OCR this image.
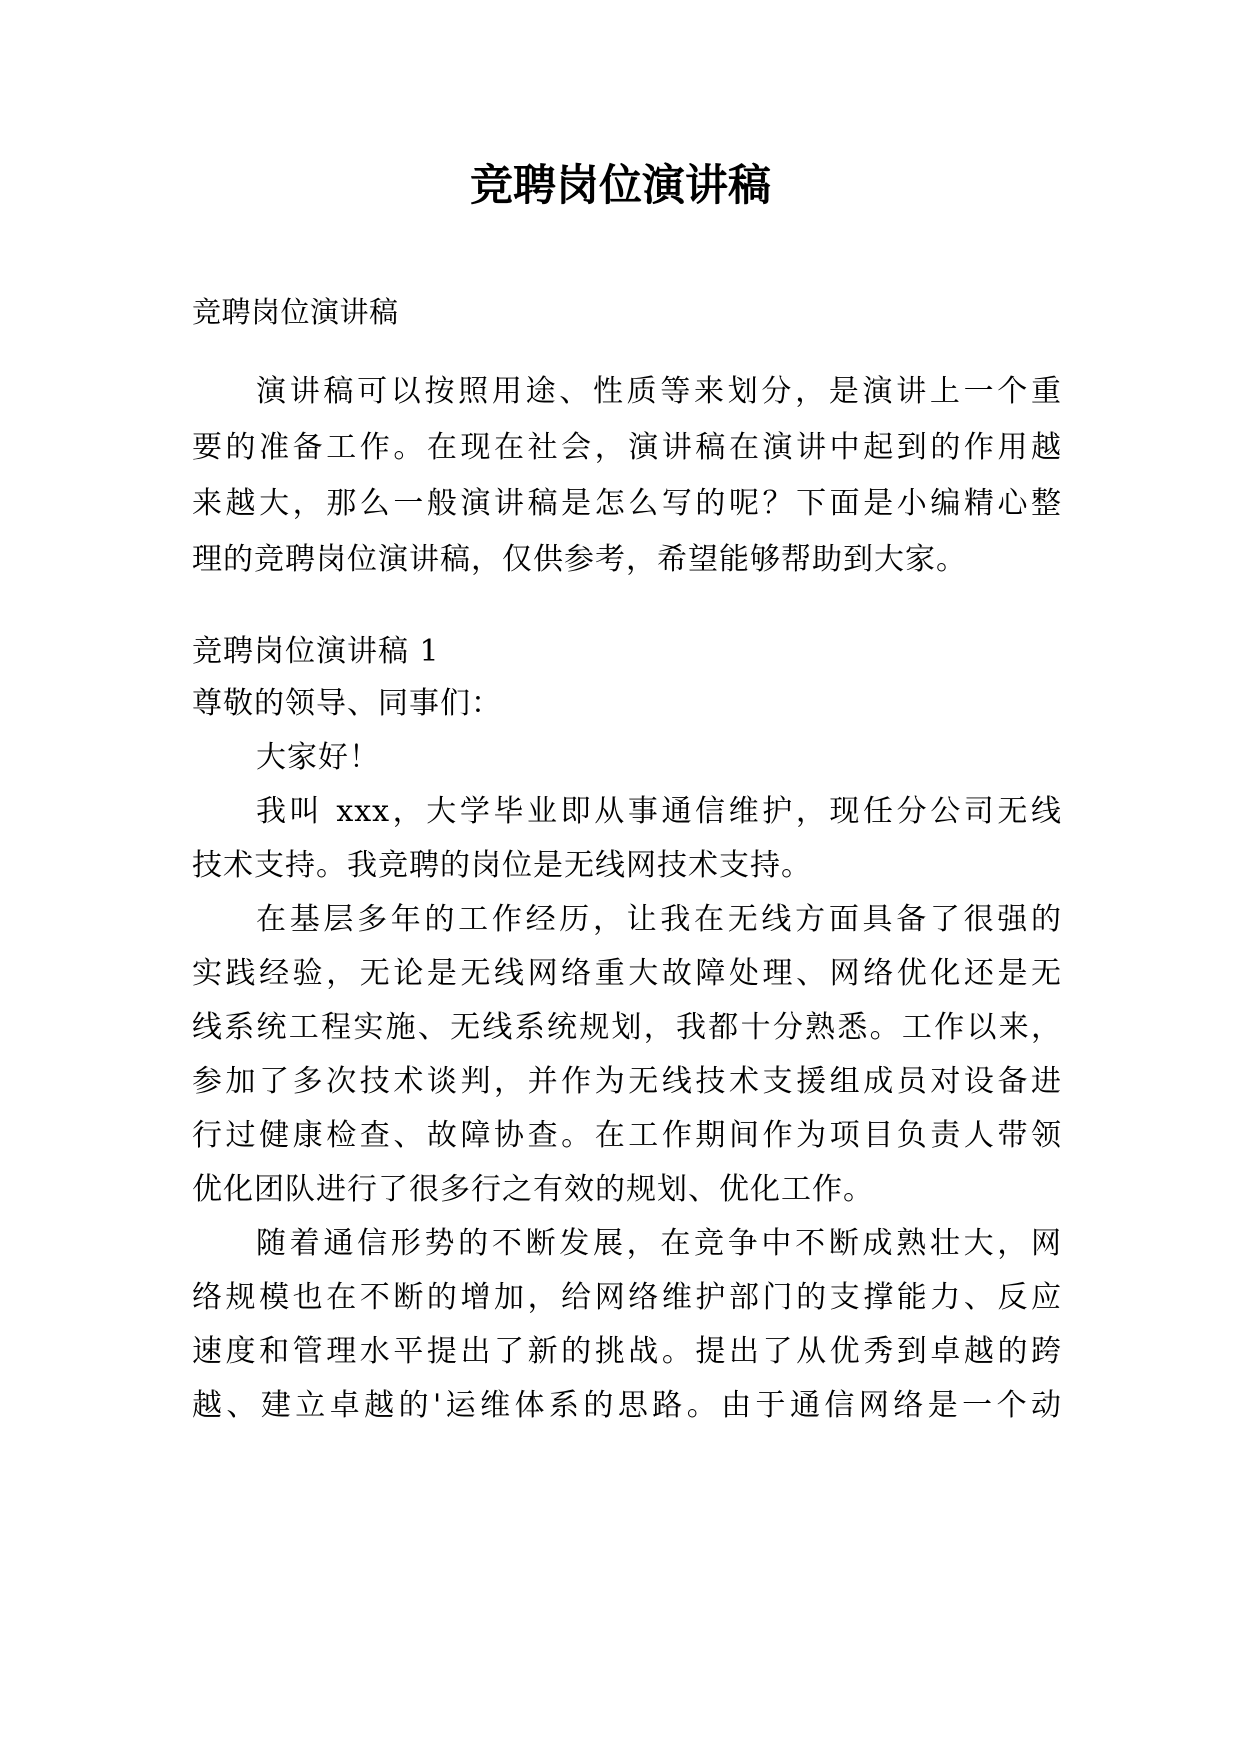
竞聘岗位演讲稿
竞聘岗位演讲稿
演讲稿可以按照用途、性质等来划分，是演讲上一个重
要的准备工作。在现在社会，演讲稿在演讲中起到的作用越
来越大，那么一般演讲稿是怎么写的呢？下面是小编精心整
理的竞聘岗位演讲稿，仅供参考，希望能够帮助到大家。
竞聘岗位演讲稿 1
尊敬的领导、同事们：
大家好！
我叫 xxx，大学毕业即从事通信维护，现任分公司无线
技术支持。我竞聘的岗位是无线网技术支持。
在基层多年的工作经历，让我在无线方面具备了很强的
实践经验，无论是无线网络重大故障处理、网络优化还是无
线系统工程实施、无线系统规划，我都十分熟悉。工作以来，
参加了多次技术谈判，并作为无线技术支援组成员对设备进
行过健康检查、故障协查。在工作期间作为项目负责人带领
优化团队进行了很多行之有效的规划、优化工作。
随着通信形势的不断发展，在竞争中不断成熟壮大，网
络规模也在不断的增加，给网络维护部门的支撑能力、反应
速度和管理水平提出了新的挑战。提出了从优秀到卓越的跨
越、建立卓越的'运维体系的思路。由于通信网络是一个动
